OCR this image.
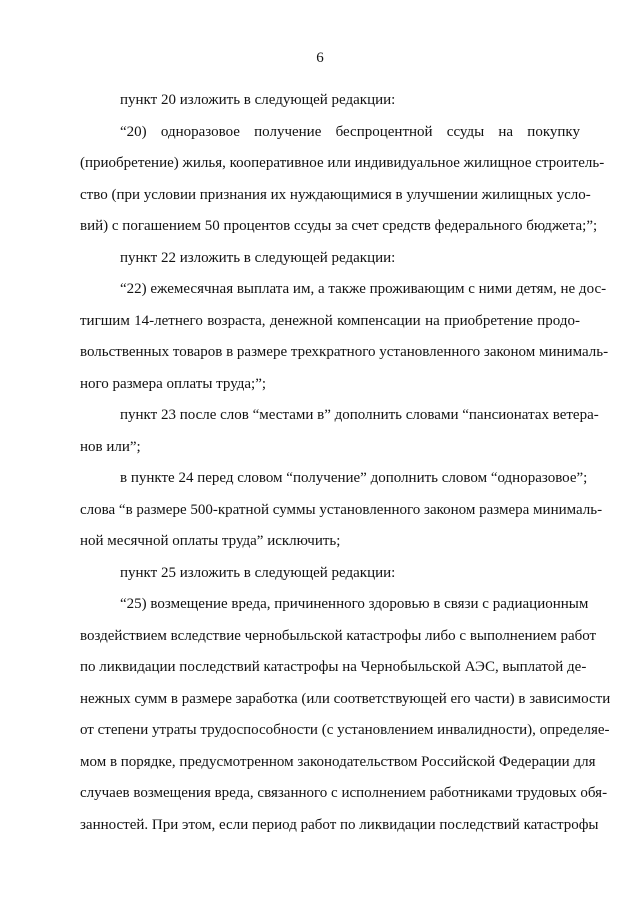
6
пункт 20 изложить в следующей редакции:
“20) одноразовое получение беспроцентной ссуды на покупку
(приобретение) жилья, кооперативное или индивидуальное жилищное строитель-
ство (при условии признания их нуждающимися в улучшении жилищных усло-
вий) с погашением 50 процентов ссуды за счет средств федерального бюджета;”;
пункт 22 изложить в следующей редакции:
“22) ежемесячная выплата им, а также проживающим с ними детям, не дос-
тигшим 14-летнего возраста, денежной компенсации на приобретение продо-
вольственных товаров в размере трехкратного установленного законом минималь-
ного размера оплаты труда;”;
пункт 23 после слов “местами в” дополнить словами “пансионатах ветера-
нов или”;
в пункте 24 перед словом “получение” дополнить словом “одноразовое”;
слова “в размере 500-кратной суммы установленного законом размера минималь-
ной месячной оплаты труда” исключить;
пункт 25 изложить в следующей редакции:
“25) возмещение вреда, причиненного здоровью в связи с радиационным
воздействием вследствие чернобыльской катастрофы либо с выполнением работ
по ликвидации последствий катастрофы на Чернобыльской АЭС, выплатой де-
нежных сумм в размере заработка (или соответствующей его части) в зависимости
от степени утраты трудоспособности (с установлением инвалидности), определяе-
мом в порядке, предусмотренном законодательством Российской Федерации для
случаев возмещения вреда, связанного с исполнением работниками трудовых обя-
занностей. При этом, если период работ по ликвидации последствий катастрофы
